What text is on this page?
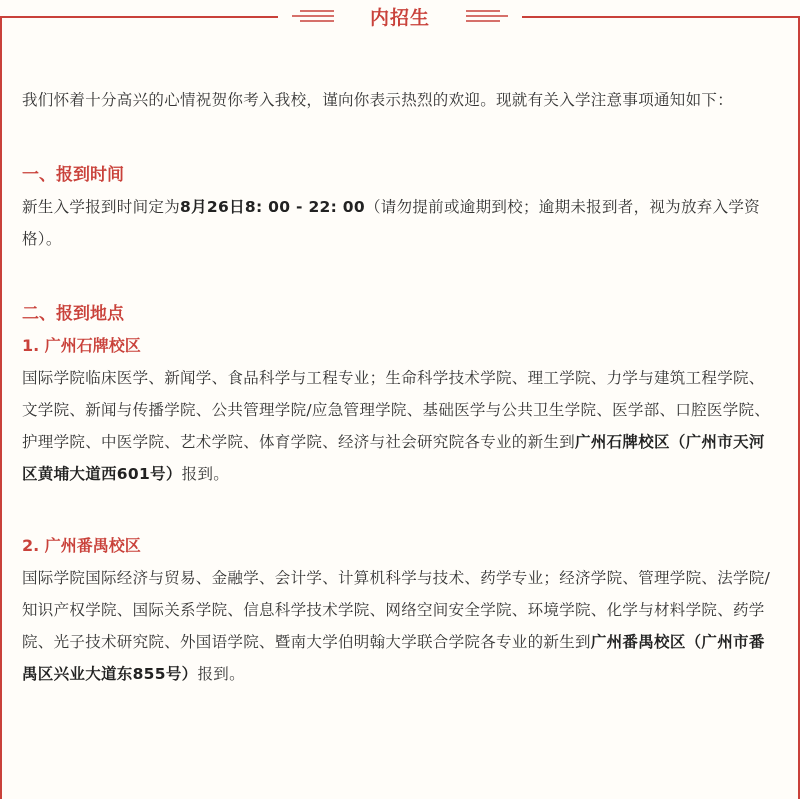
内招生

我们怀着十分高兴的心情祝贺你考入我校，谨向你表示热烈的欢迎。现就有关入学注意事项通知如下：

一、报到时间

新生入学报到时间定为8月26日8: 00 - 22: 00（请勿提前或逾期到校；逾期未报到者，视为放弃入学资格）。

二、报到地点
1. 广州石牌校区

国际学院临床医学、新闻学、食品科学与工程专业；生命科学技术学院、理工学院、力学与建筑工程学院、文学院、新闻与传播学院、公共管理学院/应急管理学院、基础医学与公共卫生学院、医学部、口腔医学院、护理学院、中医学院、艺术学院、体育学院、经济与社会研究院各专业的新生到广州石牌校区（广州市天河区黄埔大道西601号）报到。

2. 广州番禺校区

国际学院国际经济与贸易、金融学、会计学、计算机科学与技术、药学专业；经济学院、管理学院、法学院/知识产权学院、国际关系学院、信息科学技术学院、网络空间安全学院、环境学院、化学与材料学院、药学院、光子技术研究院、外国语学院、暨南大学伯明翰大学联合学院各专业的新生到广州番禺校区（广州市番禺区兴业大道东855号）报到。
